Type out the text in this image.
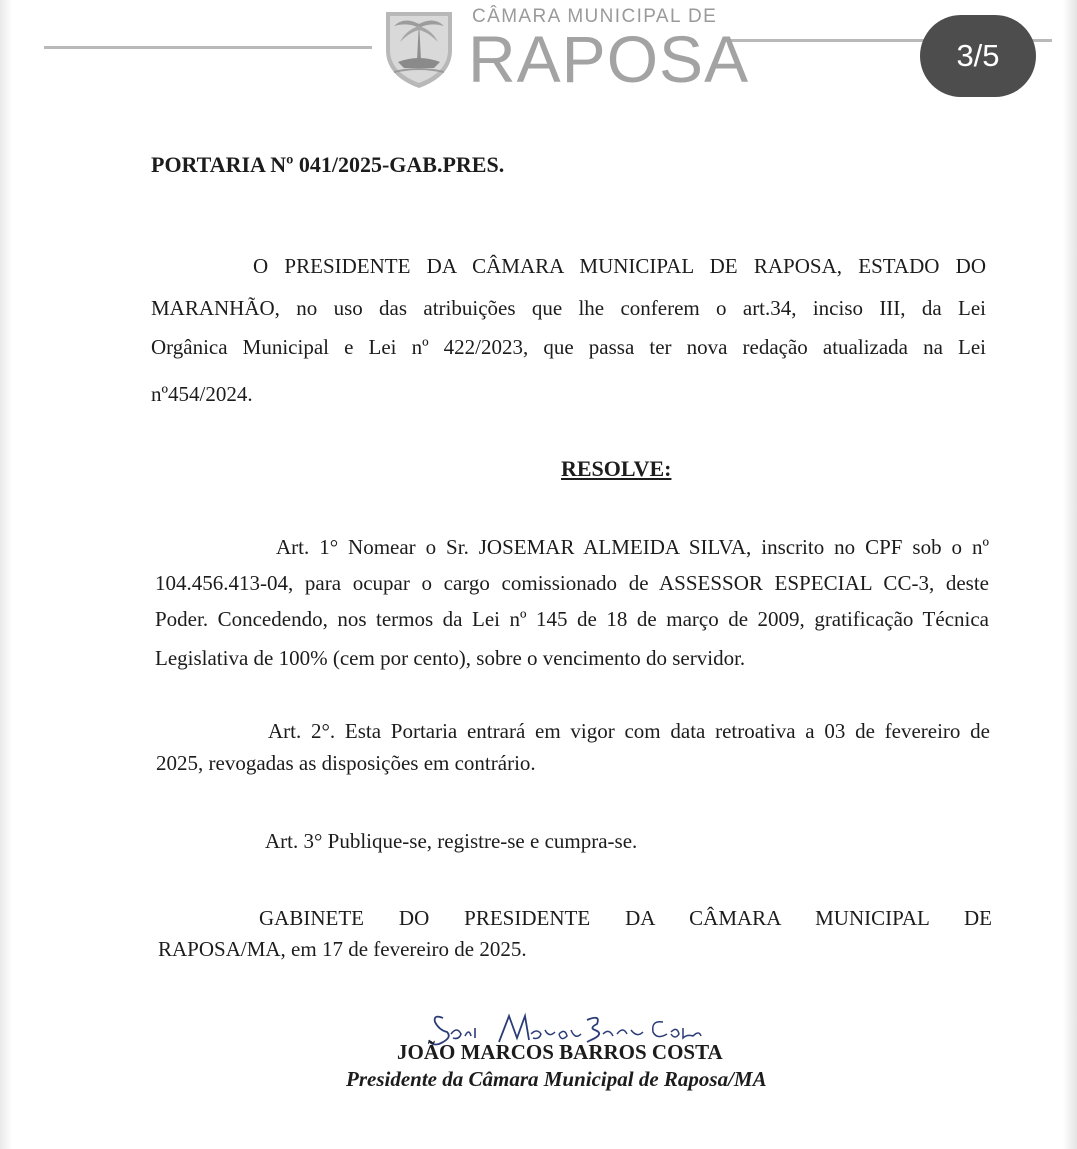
CÂMARA MUNICIPAL DE
RAPOSA	3/5
PORTARIA Nº 041/2025-GAB.PRES.
O PRESIDENTE DA CÂMARA MUNICIPAL DE RAPOSA, ESTADO DO
MARANHÃO, no uso das atribuições que lhe conferem o art.34, inciso III, da Lei
Orgânica Municipal e Lei nº 422/2023, que passa ter nova redação atualizada na Lei
nº454/2024.
RESOLVE:
Art. 1° Nomear o Sr. JOSEMAR ALMEIDA SILVA, inscrito no CPF sob o nº
104.456.413-04, para ocupar o cargo comissionado de ASSESSOR ESPECIAL CC-3, deste
Poder. Concedendo, nos termos da Lei nº 145 de 18 de março de 2009, gratificação Técnica
Legislativa de 100% (cem por cento), sobre o vencimento do servidor.
Art. 2°. Esta Portaria entrará em vigor com data retroativa a 03 de fevereiro de
2025, revogadas as disposições em contrário.
Art. 3° Publique-se, registre-se e cumpra-se.
GABINETE DO PRESIDENTE DA CÂMARA MUNICIPAL DE
RAPOSA/MA, em 17 de fevereiro de 2025.
JOÃO MARCOS BARROS COSTA
Presidente da Câmara Municipal de Raposa/MA
